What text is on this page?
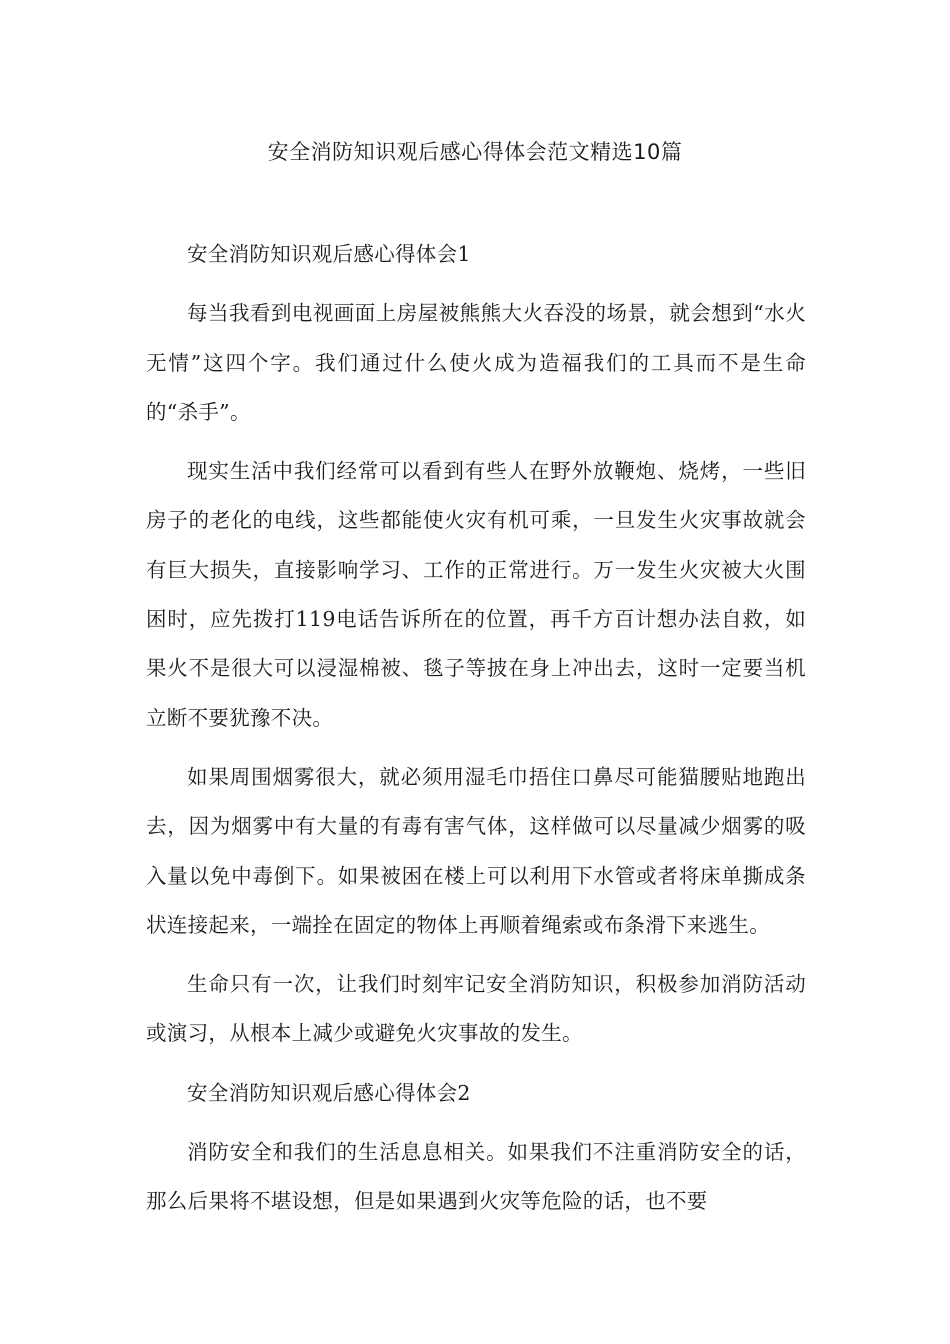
安全消防知识观后感心得体会范文精选10篇

安全消防知识观后感心得体会1

每当我看到电视画面上房屋被熊熊大火吞没的场景，就会想到“水火无情”这四个字。我们通过什么使火成为造福我们的工具而不是生命的“杀手”。

现实生活中我们经常可以看到有些人在野外放鞭炮、烧烤，一些旧房子的老化的电线，这些都能使火灾有机可乘，一旦发生火灾事故就会有巨大损失，直接影响学习、工作的正常进行。万一发生火灾被大火围困时，应先拨打119电话告诉所在的位置，再千方百计想办法自救，如果火不是很大可以浸湿棉被、毯子等披在身上冲出去，这时一定要当机立断不要犹豫不决。

如果周围烟雾很大，就必须用湿毛巾捂住口鼻尽可能猫腰贴地跑出去，因为烟雾中有大量的有毒有害气体，这样做可以尽量减少烟雾的吸入量以免中毒倒下。如果被困在楼上可以利用下水管或者将床单撕成条状连接起来，一端拴在固定的物体上再顺着绳索或布条滑下来逃生。

生命只有一次，让我们时刻牢记安全消防知识，积极参加消防活动或演习，从根本上减少或避免火灾事故的发生。

安全消防知识观后感心得体会2

消防安全和我们的生活息息相关。如果我们不注重消防安全的话，那么后果将不堪设想，但是如果遇到火灾等危险的话，也不要
